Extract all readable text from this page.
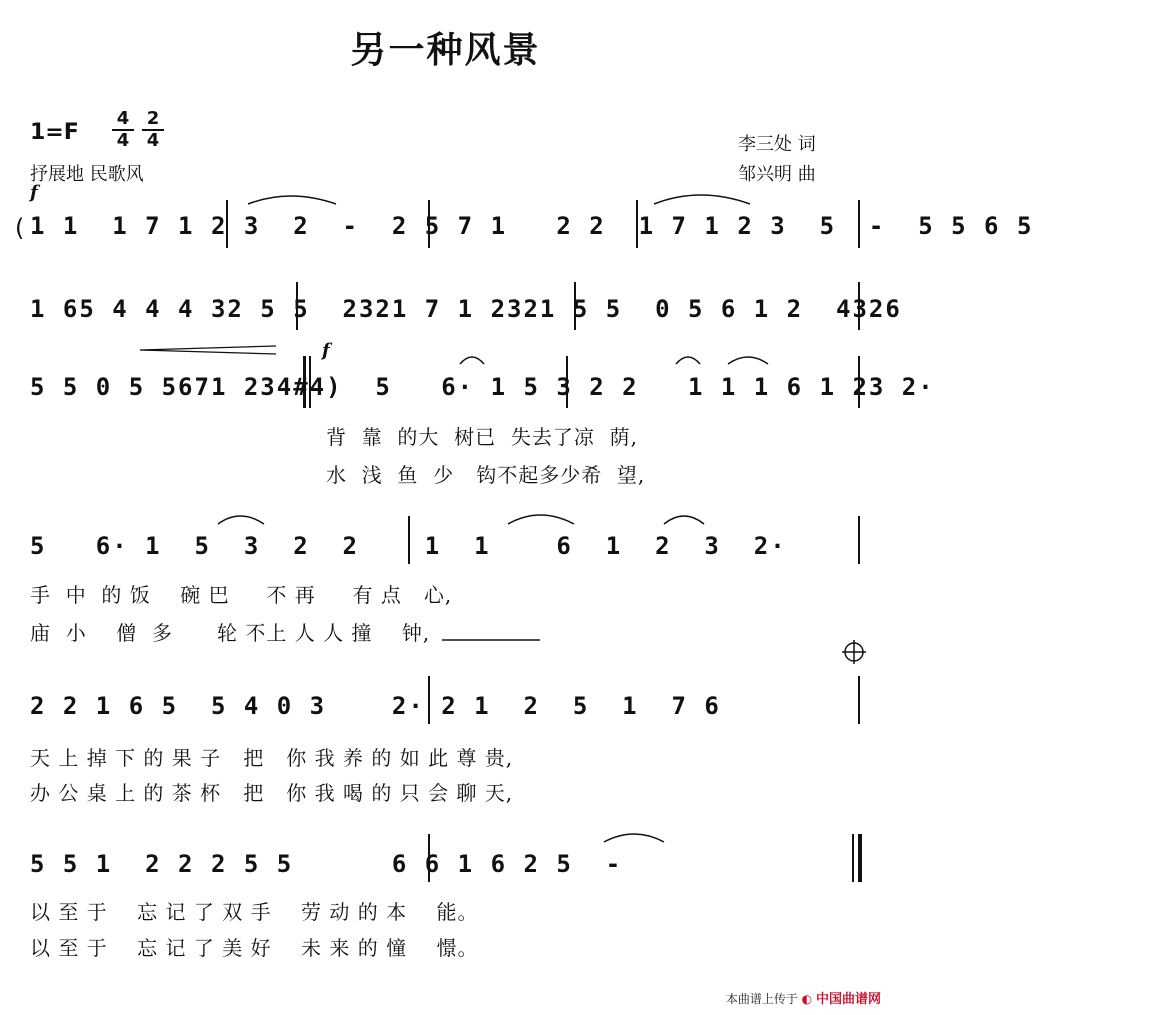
另一种风景
1=F
4
4
2
4
抒展地 民歌风
李三处 词
邹兴明 曲
f
f
( 1 1  1 7 1 2 3  2  -  2 5 7 1   2 2  1 7 1 2 3  5  -  5 5 6 5
1 65 4 4 4 32 5 5  2321 7 1 2321 5 5  0 5 6 1 2  4326
5 5 0 5 5671 234#4)  5   6· 1 5 3 2 2   1 1 1 6 1 23 2·
5   6· 1  5  3  2  2    1  1    6  1  2  3  2·
2 2 1 6 5  5 4 0 3    2· 2 1  2  5  1  7 6
5 5 1  2 2 2 5 5      6 6 1 6 2 5  -
背  靠  的大  树已  失去了凉  荫,
水  浅  鱼  少   钩不起多少希  望,
手  中  的 饭    碗 巴     不 再     有 点   心,
庙  小    僧  多      轮 不上 人 人 撞    钟,
天 上 掉 下 的 果 子   把   你 我 养 的 如 此 尊 贵,
办 公 桌 上 的 茶 杯   把   你 我 喝 的 只 会 聊 天,
以 至 于    忘 记 了 双 手    劳 动 的 本    能。
以 至 于    忘 记 了 美 好    未 来 的 憧    憬。
本曲谱上传于 ◐ 中国曲谱网
